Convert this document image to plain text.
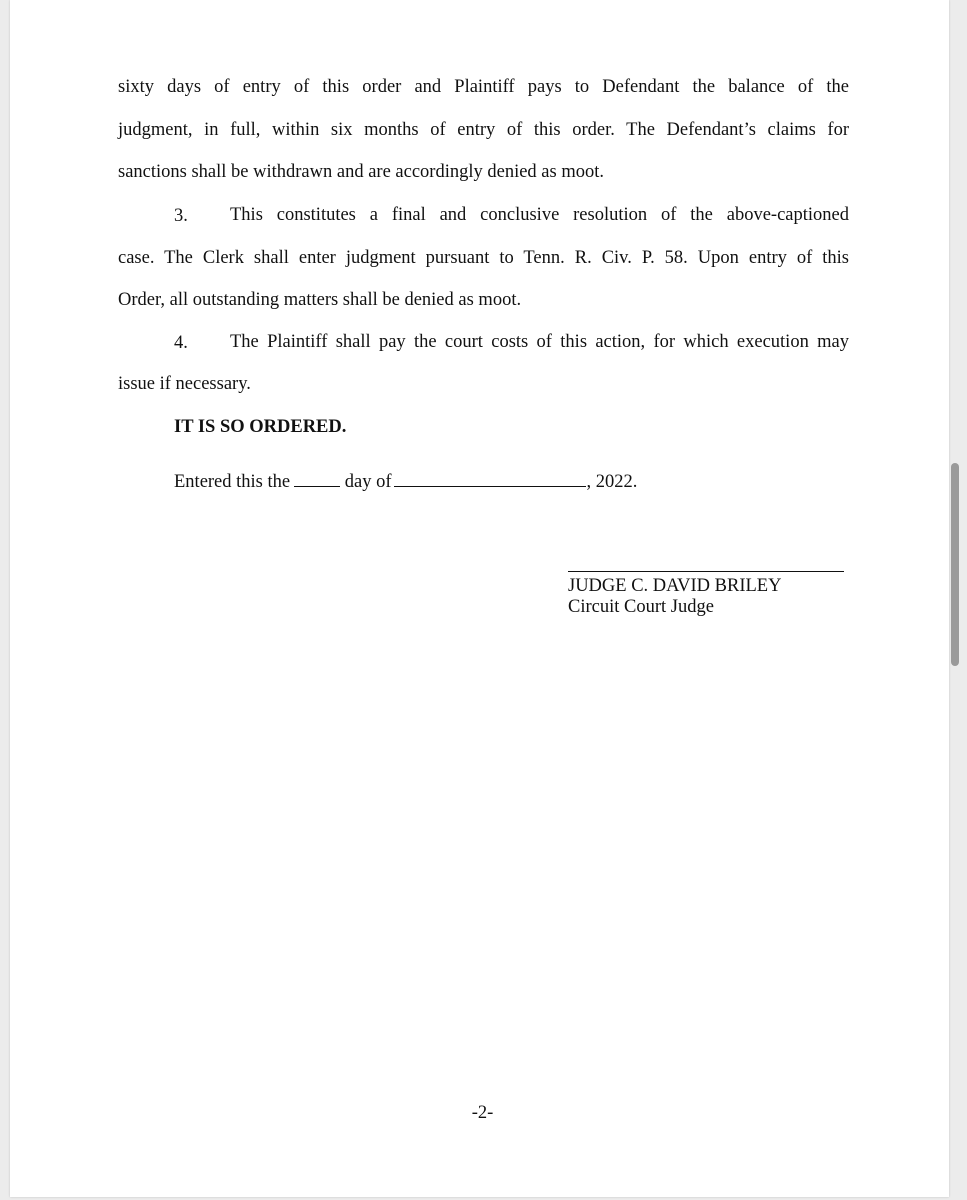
sixty days of entry of this order and Plaintiff pays to Defendant the balance of the
judgment, in full, within six months of entry of this order. The Defendant’s claims for
sanctions shall be withdrawn and are accordingly denied as moot.
3. This constitutes a final and conclusive resolution of the above-captioned
case. The Clerk shall enter judgment pursuant to Tenn. R. Civ. P. 58. Upon entry of this
Order, all outstanding matters shall be denied as moot.
4. The Plaintiff shall pay the court costs of this action, for which execution may
issue if necessary.
IT IS SO ORDERED.
Entered this the	day of	, 2022.
JUDGE C. DAVID BRILEY
Circuit Court Judge
-2-
